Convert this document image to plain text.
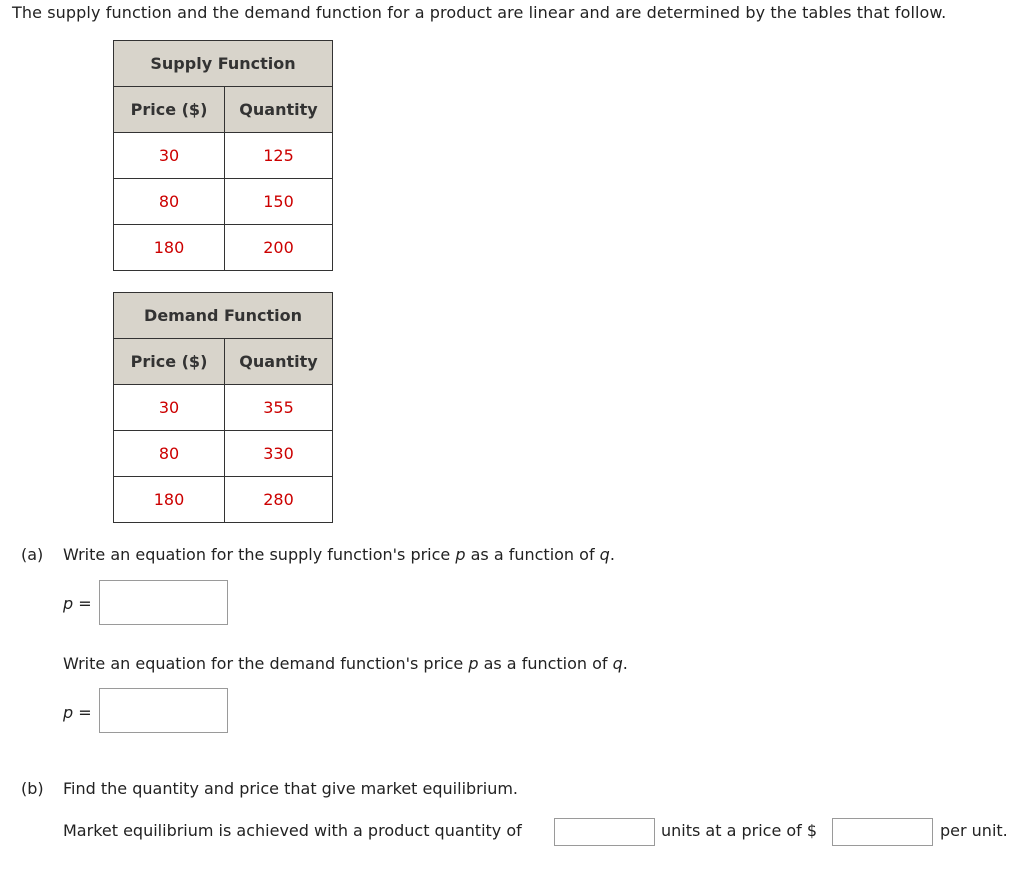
The supply function and the demand function for a product are linear and are determined by the tables that follow.
Supply Function	
Price ($)	Quantity
30	125
80	150
180	200
Demand Function	
Price ($)	Quantity
30	355
80	330
180	280
(a) Write an equation for the supply function's price p as a function of q.
p =
Write an equation for the demand function's price p as a function of q.
p =
(b) Find the quantity and price that give market equilibrium.
Market equilibrium is achieved with a product quantity of	units at a price of $	per unit.
